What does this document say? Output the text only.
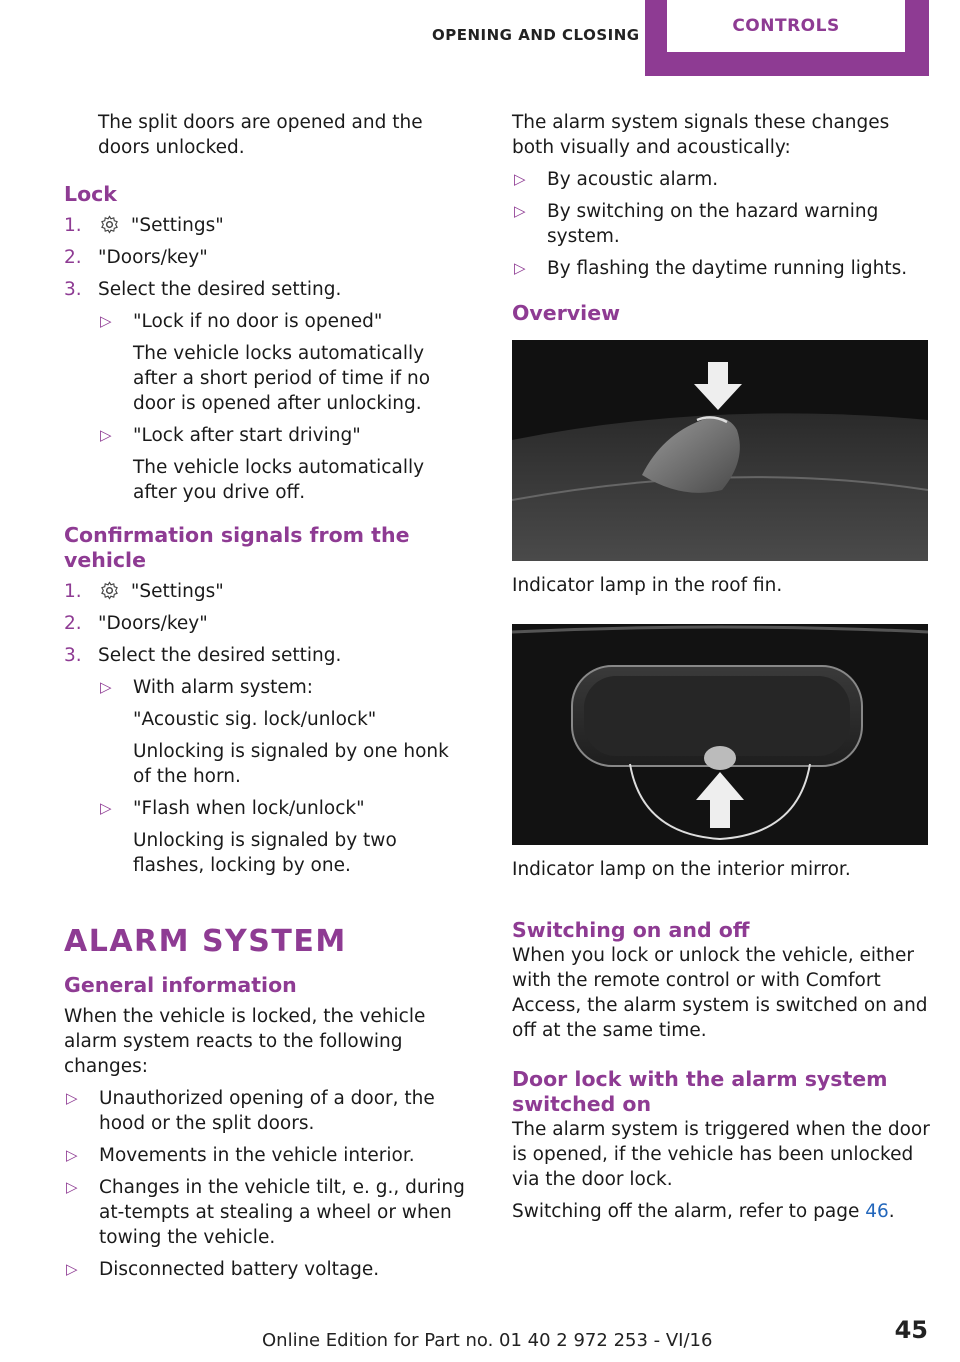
OPENING AND CLOSING	CONTROLS

The split doors are opened and the doors unlocked.

Lock
1.	"Settings"
2. "Doors/key"
3. Select the desired setting.
▷ "Lock if no door is opened"

The vehicle locks automatically after a short period of time if no door is opened after unlocking.

▷ "Lock after start driving"

The vehicle locks automatically after you drive off.

Confirmation signals from the vehicle
1.	"Settings"
2. "Doors/key"
3. Select the desired setting.
▷ With alarm system:

"Acoustic sig. lock/unlock"

Unlocking is signaled by one honk of the horn.

▷ "Flash when lock/unlock"

Unlocking is signaled by two flashes, locking by one.

ALARM SYSTEM
General information

When the vehicle is locked, the vehicle alarm system reacts to the following changes:

▷ Unauthorized opening of a door, the hood or the split doors.
▷ Movements in the vehicle interior.
▷ Changes in the vehicle tilt, e. g., during at-tempts at stealing a wheel or when towing the vehicle.
▷ Disconnected battery voltage.

The alarm system signals these changes both visually and acoustically:

▷ By acoustic alarm.
▷ By switching on the hazard warning system.
▷ By flashing the daytime running lights.
Overview

Indicator lamp in the roof fin.

Indicator lamp on the interior mirror.

Switching on and off

When you lock or unlock the vehicle, either with the remote control or with Comfort Access, the alarm system is switched on and off at the same time.

Door lock with the alarm system switched on

The alarm system is triggered when the door is opened, if the vehicle has been unlocked via the door lock.

Switching off the alarm, refer to page 46.

Online Edition for Part no. 01 40 2 972 253 - VI/16	45
